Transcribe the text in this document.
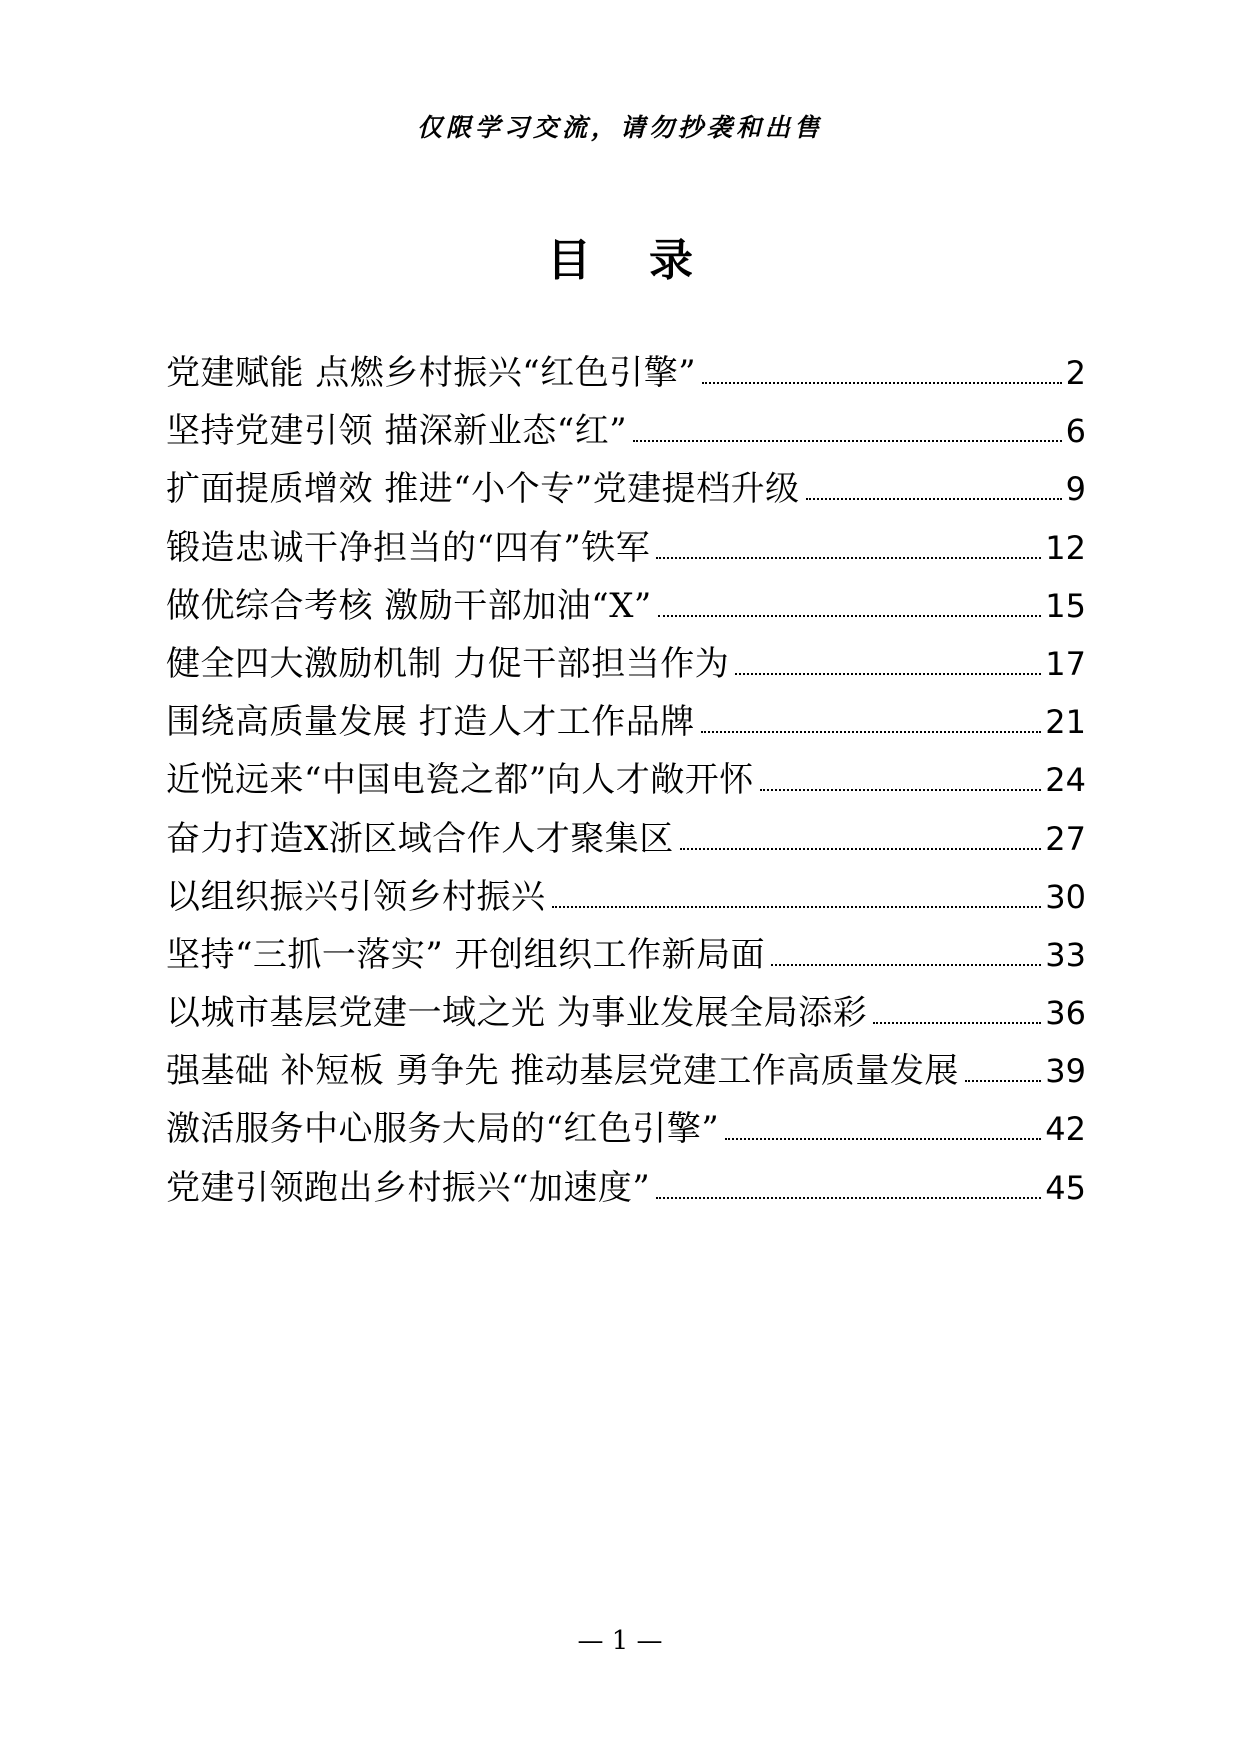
仅限学习交流，请勿抄袭和出售
目录
党建赋能 点燃乡村振兴“红色引擎”	2
坚持党建引领 描深新业态“红”	6
扩面提质增效 推进“小个专”党建提档升级	9
锻造忠诚干净担当的“四有”铁军	12
做优综合考核 激励干部加油“X”	15
健全四大激励机制 力促干部担当作为	17
围绕高质量发展 打造人才工作品牌	21
近悦远来“中国电瓷之都”向人才敞开怀	24
奋力打造X浙区域合作人才聚集区	27
以组织振兴引领乡村振兴	30
坚持“三抓一落实” 开创组织工作新局面	33
以城市基层党建一域之光 为事业发展全局添彩	36
强基础 补短板 勇争先 推动基层党建工作高质量发展	39
激活服务中心服务大局的“红色引擎”	42
党建引领跑出乡村振兴“加速度”	45
— 1 —
